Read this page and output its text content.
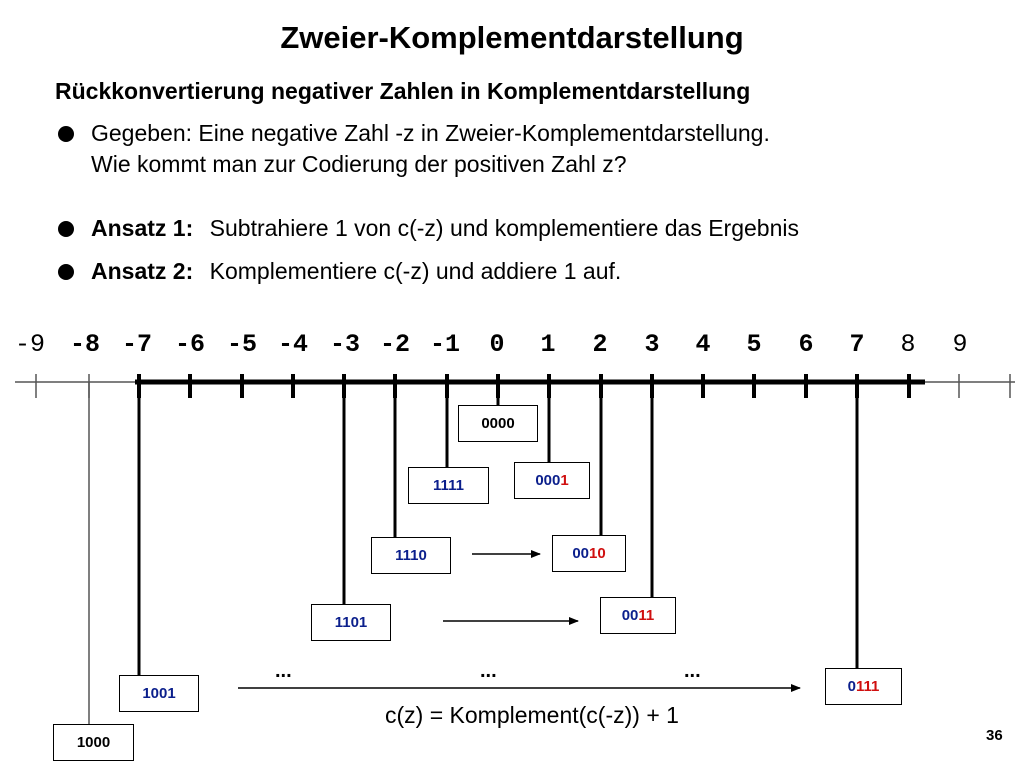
Zweier-Komplementdarstellung
Rückkonvertierung negativer Zahlen in Komplementdarstellung
Gegeben: Eine negative Zahl -z in Zweier-Komplementdarstellung.
Wie kommt man zur Codierung der positiven Zahl z?
Ansatz 1: Subtrahiere 1 von c(-z) und komplementiere das Ergebnis
Ansatz 2: Komplementiere c(-z) und addiere 1 auf.
-9 -8 -7 -6 -5 -4 -3 -2 -1	0	1	2	3	4	5	6	7	8	9
0000
1111	000 1
1110	00 10
1101	00 11
1001	0 111
1000
...	...	...
c(z) = Komplement(c(-z)) + 1
36
